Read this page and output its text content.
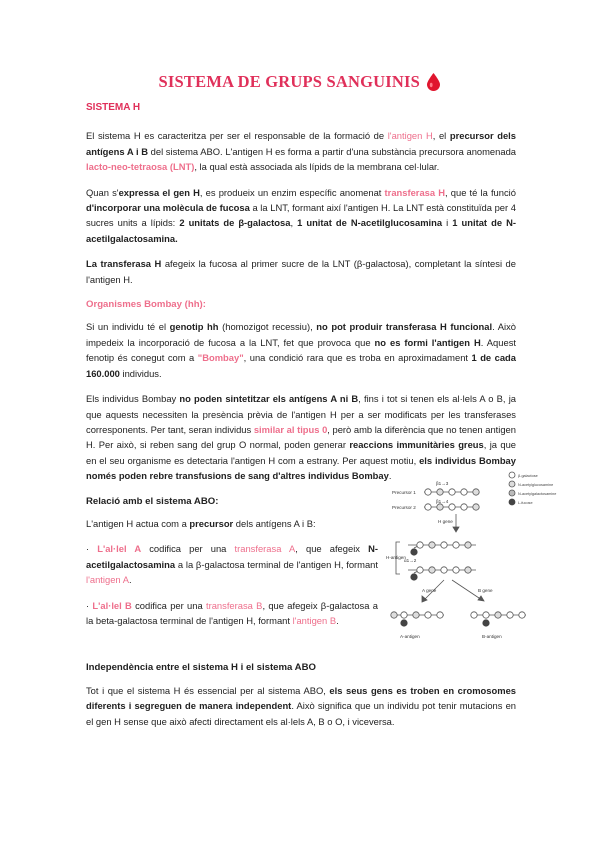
SISTEMA DE GRUPS SANGUINIS
SISTEMA H

El sistema H es caracteritza per ser el responsable de la formació de l'antigen H, el precursor dels antígens A i B del sistema ABO. L'antigen H es forma a partir d'una substància precursora anomenada lacto-neo-tetraosa (LNT), la qual està associada als lípids de la membrana cel·lular.

Quan s'expressa el gen H, es produeix un enzim específic anomenat transferasa H, que té la funció d'incorporar una molècula de fucosa a la LNT, formant així l'antigen H. La LNT està constituïda per 4 sucres units a lípids: 2 unitats de β-galactosa, 1 unitat de N-acetilglucosamina i 1 unitat de N-acetilgalactosamina.

La transferasa H afegeix la fucosa al primer sucre de la LNT (β-galactosa), completant la síntesi de l'antigen H.

Organismes Bombay (hh):

Si un individu té el genotip hh (homozigot recessiu), no pot produir transferasa H funcional. Això impedeix la incorporació de fucosa a la LNT, fet que provoca que no es formi l'antigen H. Aquest fenotip és conegut com a "Bombay", una condició rara que es troba en aproximadament 1 de cada 160.000 individus.

Els individus Bombay no poden sintetitzar els antígens A ni B, fins i tot si tenen els al·lels A o B, ja que aquests necessiten la presència prèvia de l'antigen H per a ser modificats per les transferases corresponents. Per tant, seran individus similar al tipus 0, però amb la diferència que no tenen antigen H. Per això, si reben sang del grup O normal, poden generar reaccions immunitàries greus, ja que en el seu organisme es detectaria l'antigen H com a estrany. Per aquest motiu, els individus Bombay només poden rebre transfusions de sang d'altres individus Bombay.

Relació amb el sistema ABO:

L'antigen H actua com a precursor dels antígens A i B:

· L'al·lel A codifica per una transferasa A, que afegeix N-acetilgalactosamina a la β-galactosa terminal de l'antigen H, formant l'antigen A.

· L'al·lel B codifica per una transferasa B, que afegeix β-galactosa a la beta-galactosa terminal de l'antigen H, formant l'antigen B.

Independència entre el sistema H i el sistema ABO

Tot i que el sistema H és essencial per al sistema ABO, els seus gens es troben en cromosomes diferents i segreguen de manera independent. Això significa que un individu pot tenir mutacions en el gen H sense que això afecti directament els al·lels A, B o O, i viceversa.

Precursor 1
Precursor 2
β1→3
β1→4
H gene
H-antigen
α1→2
A gene	B gene
A-antigen	B-antigen
β-galactose
N-acetylglucosamine
N-acetylgalactosamine
L-fucose
